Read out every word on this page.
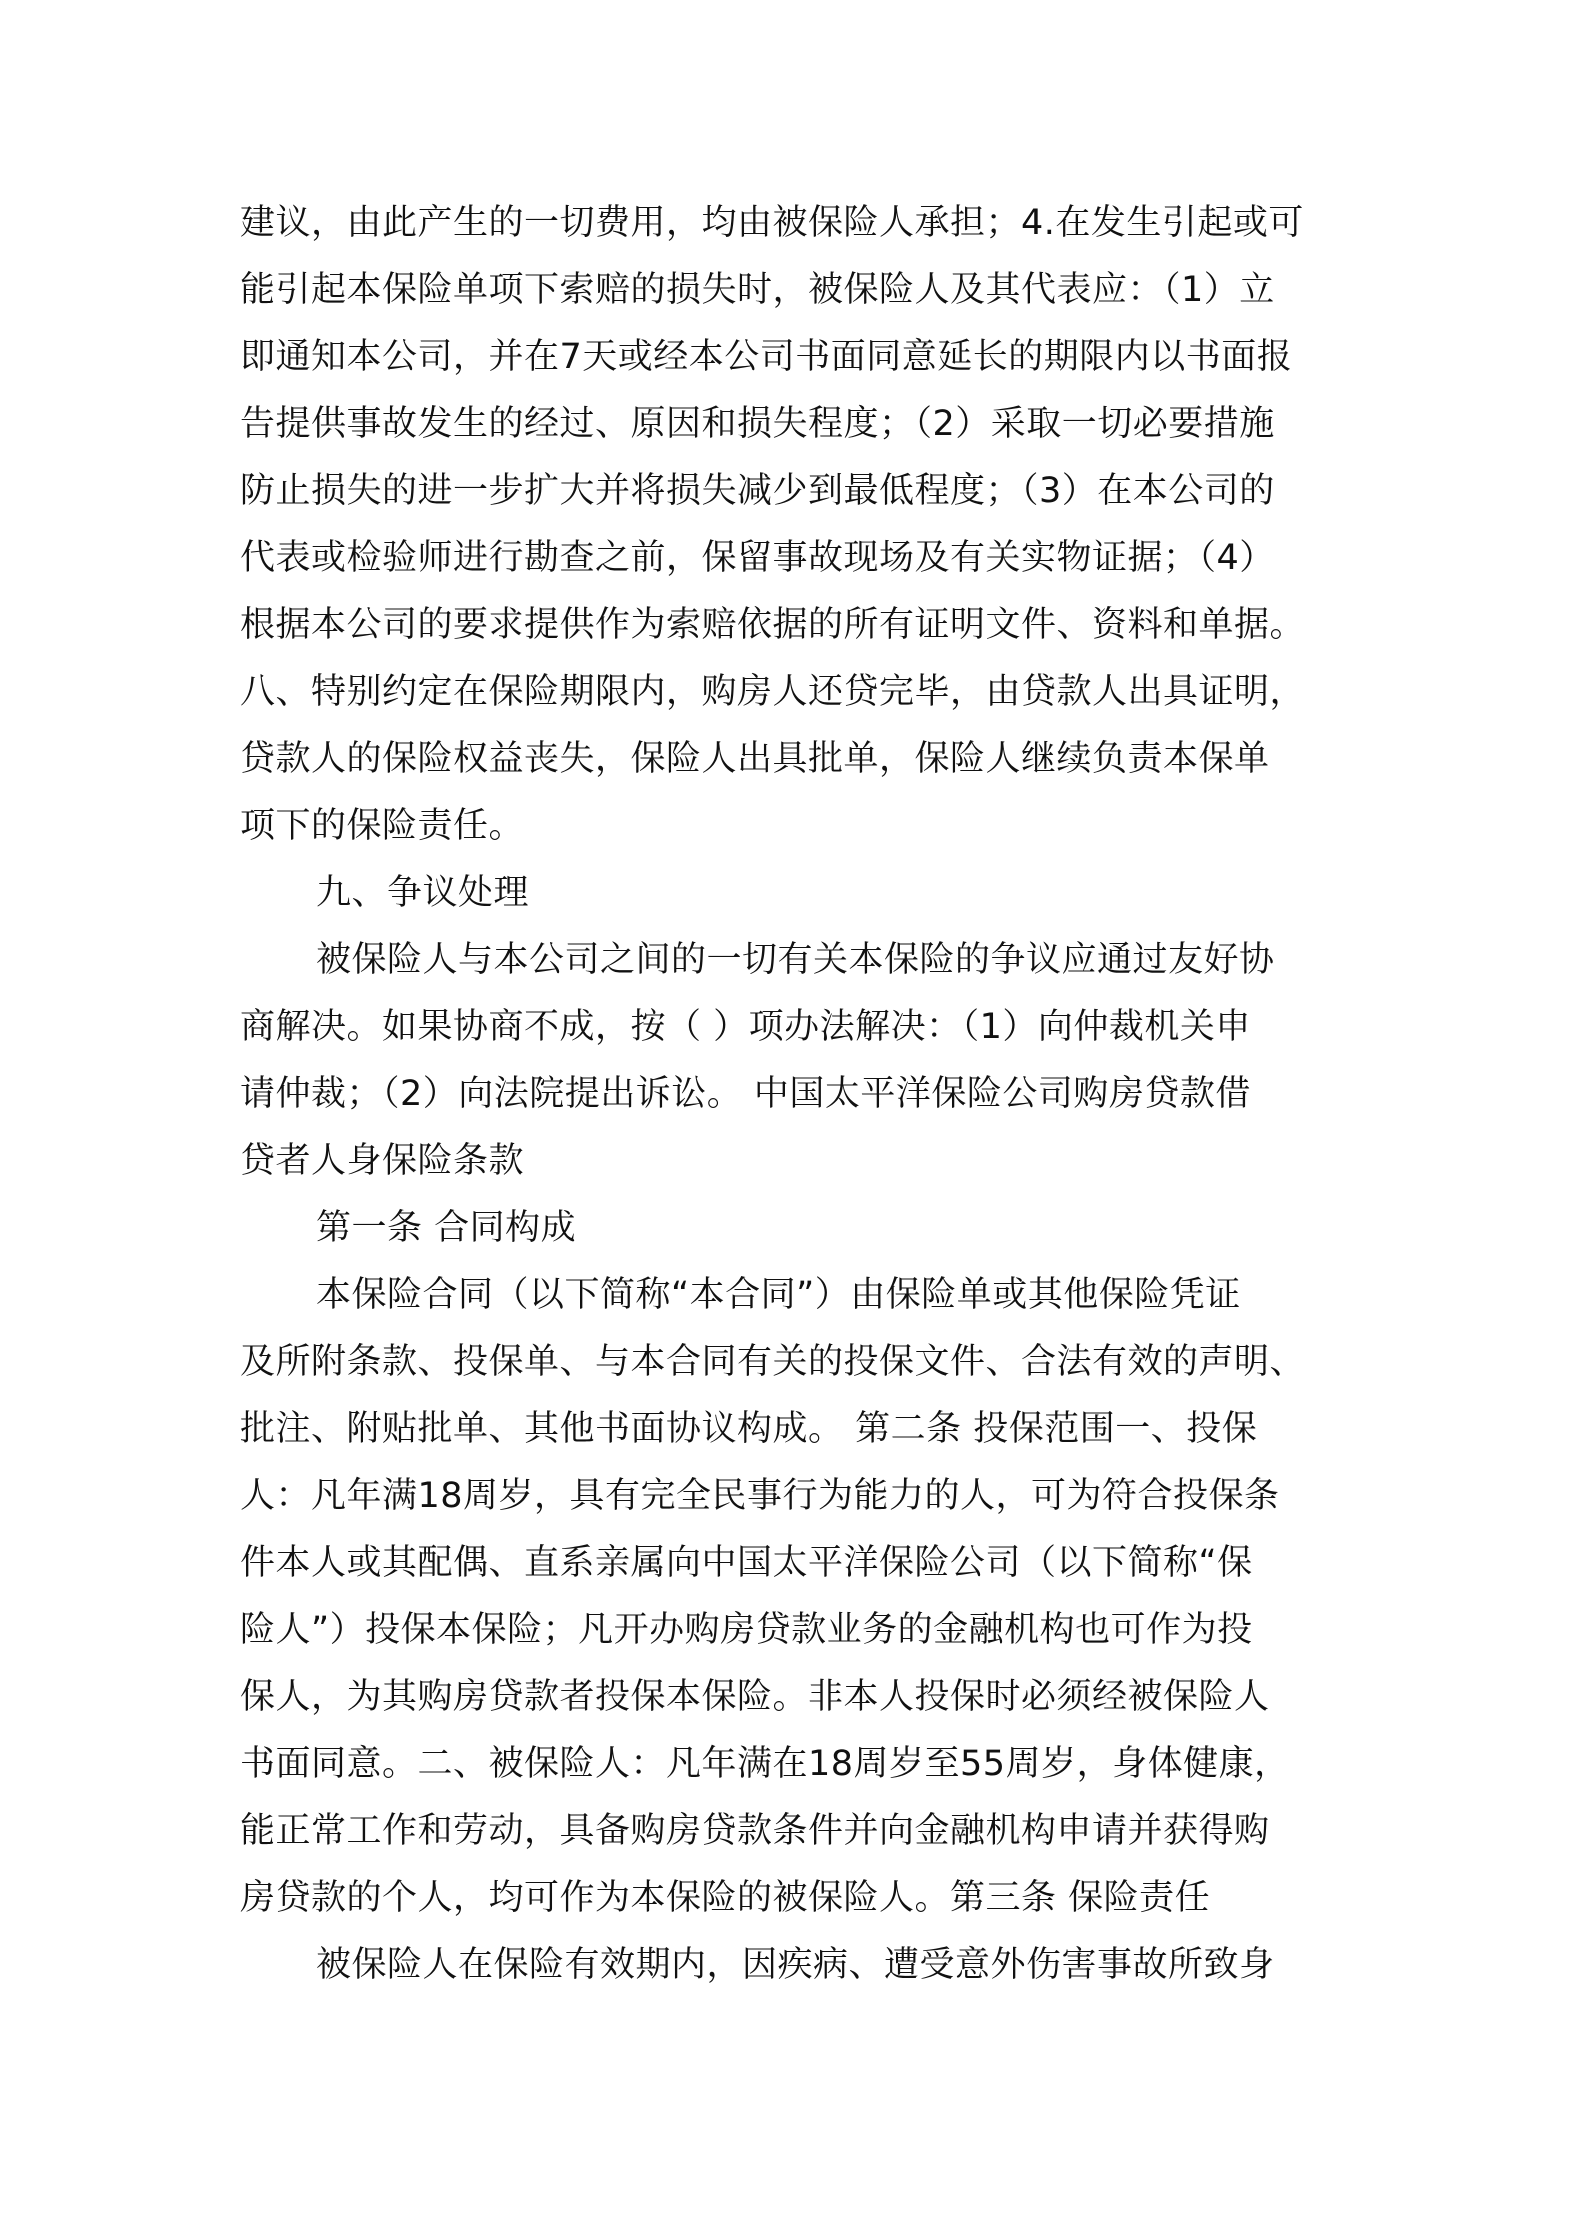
建议，由此产生的一切费用，均由被保险人承担；4.在发生引起或可
能引起本保险单项下索赔的损失时，被保险人及其代表应：（1）立
即通知本公司，并在7天或经本公司书面同意延长的期限内以书面报
告提供事故发生的经过、原因和损失程度；（2）采取一切必要措施
防止损失的进一步扩大并将损失减少到最低程度；（3）在本公司的
代表或检验师进行勘查之前，保留事故现场及有关实物证据；（4）
根据本公司的要求提供作为索赔依据的所有证明文件、资料和单据。
八、特别约定在保险期限内，购房人还贷完毕，由贷款人出具证明，
贷款人的保险权益丧失，保险人出具批单，保险人继续负责本保单
项下的保险责任。
九、争议处理
被保险人与本公司之间的一切有关本保险的争议应通过友好协
商解决。如果协商不成，按（ ）项办法解决：（1）向仲裁机关申
请仲裁；（2）向法院提出诉讼。 中国太平洋保险公司购房贷款借
贷者人身保险条款
第一条 合同构成
本保险合同（以下简称“本合同”）由保险单或其他保险凭证
及所附条款、投保单、与本合同有关的投保文件、合法有效的声明、
批注、附贴批单、其他书面协议构成。 第二条 投保范围一、投保
人：凡年满18周岁，具有完全民事行为能力的人，可为符合投保条
件本人或其配偶、直系亲属向中国太平洋保险公司（以下简称“保
险人”）投保本保险；凡开办购房贷款业务的金融机构也可作为投
保人，为其购房贷款者投保本保险。非本人投保时必须经被保险人
书面同意。二、被保险人：凡年满在18周岁至55周岁，身体健康，
能正常工作和劳动，具备购房贷款条件并向金融机构申请并获得购
房贷款的个人，均可作为本保险的被保险人。第三条 保险责任
被保险人在保险有效期内，因疾病、遭受意外伤害事故所致身
